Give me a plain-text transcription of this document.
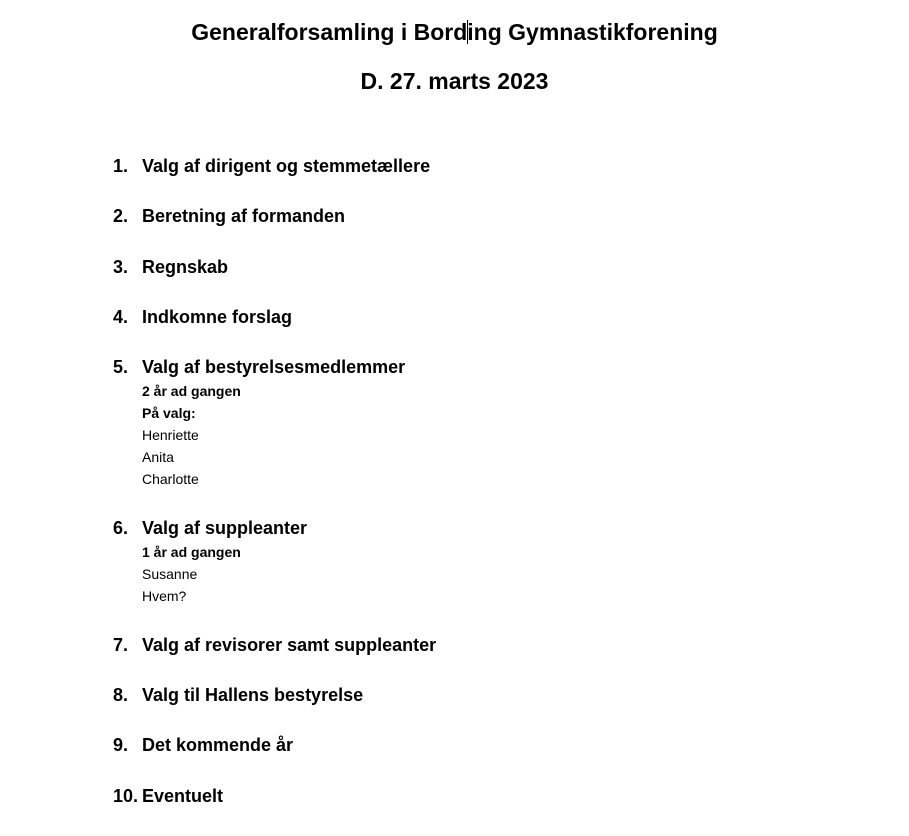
Generalforsamling i Bording Gymnastikforening
D. 27. marts 2023
1. Valg af dirigent og stemmetællere
2. Beretning af formanden
3. Regnskab
4. Indkomne forslag
5. Valg af bestyrelsesmedlemmer
2 år ad gangen
På valg:
Henriette
Anita
Charlotte
6. Valg af suppleanter
1 år ad gangen
Susanne
Hvem?
7. Valg af revisorer samt suppleanter
8. Valg til Hallens bestyrelse
9. Det kommende år
10. Eventuelt
